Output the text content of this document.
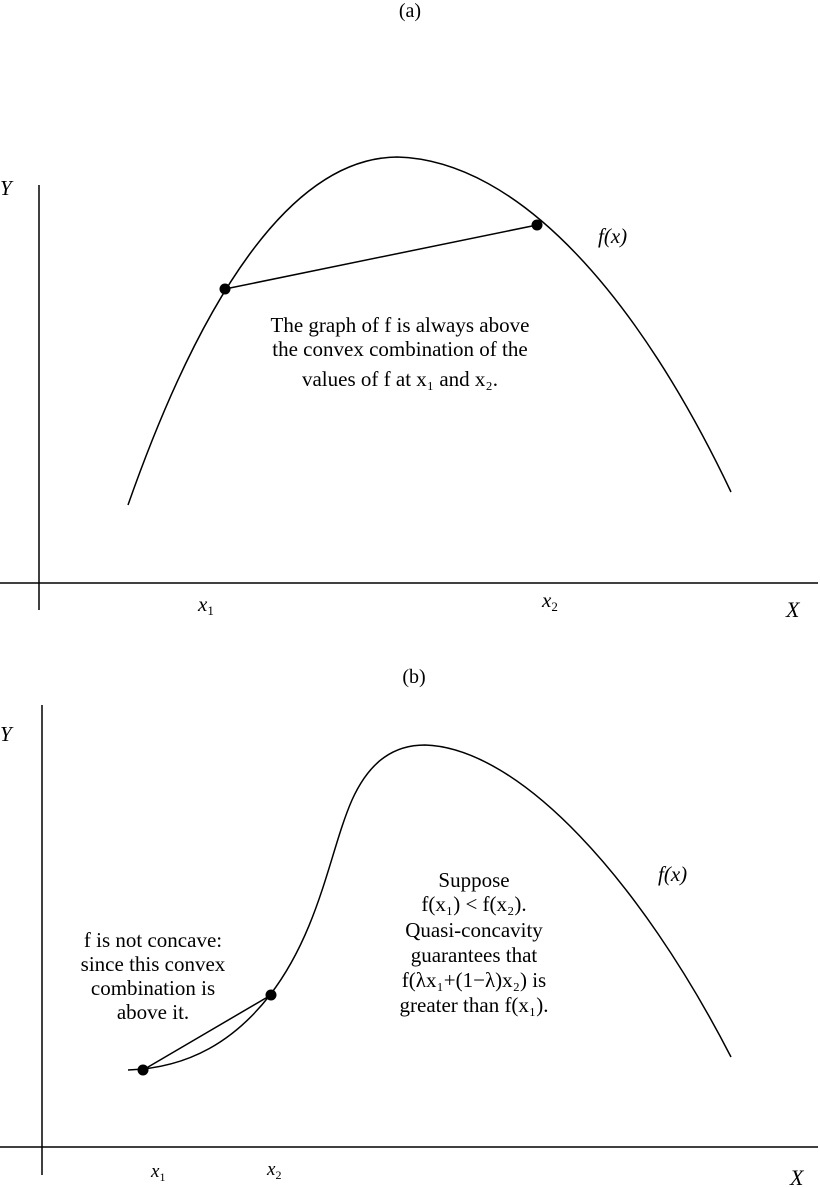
(a)
Y
X
f(x)
The graph of f is always above
the convex combination of the
values of f at x₁ and x₂.
x1	x2
(b)
Y
X
f(x)
f is not concave:
since this convex
combination is
above it.
Suppose
f(x₁) < f(x₂).
Quasi-concavity
guarantees that
f(λx₁+(1−λ)x₂) is
greater than f(x₁).
$x_1$	$x_2$
